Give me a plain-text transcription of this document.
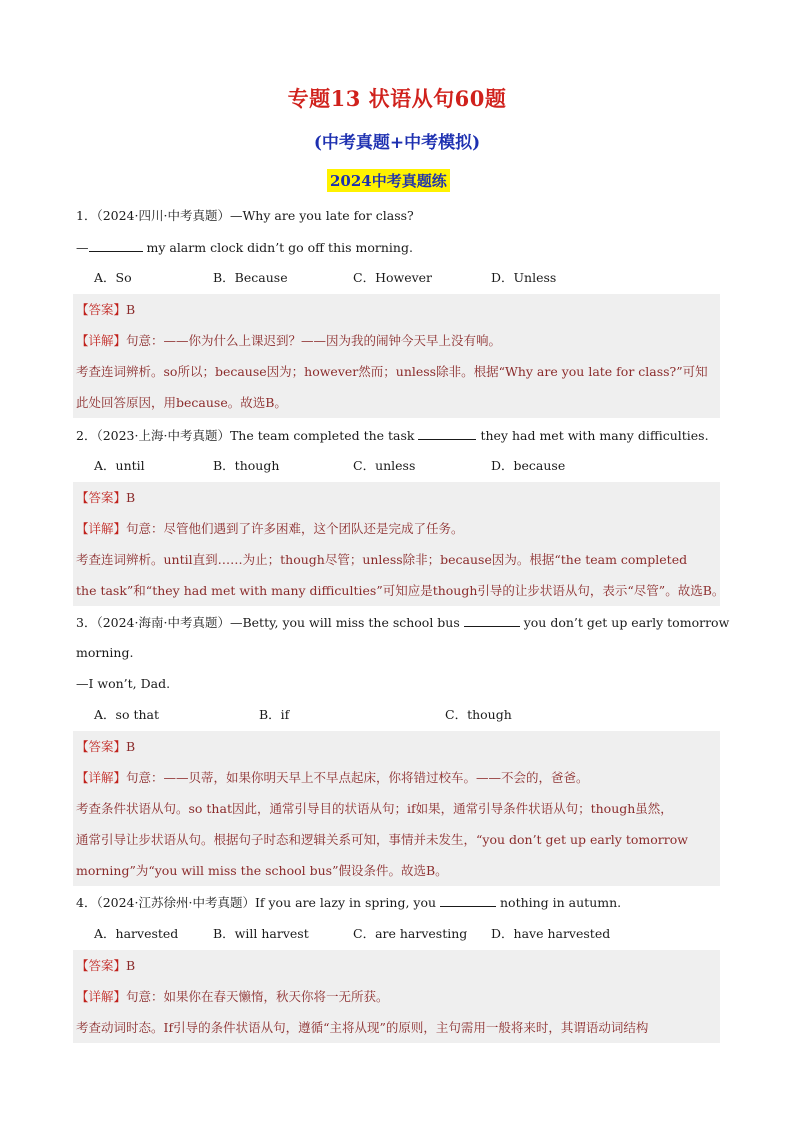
专题13 状语从句60题
(中考真题+中考模拟)
2024中考真题练
1．（2024·四川·中考真题）—Why are you late for class?
—	my alarm clock didn’t go off this morning.
A．So	B．Because	C．However	D．Unless
【答案】B
【详解】句意：——你为什么上课迟到？——因为我的闹钟今天早上没有响。
考查连词辨析。so所以；because因为；however然而；unless除非。根据“Why are you late for class?”可知
此处回答原因，用because。故选B。
2．（2023·上海·中考真题）The team completed the task	they had met with many difficulties.
A．until	B．though	C．unless	D．because
【答案】B
【详解】句意：尽管他们遇到了许多困难，这个团队还是完成了任务。
考查连词辨析。until直到……为止；though尽管；unless除非；because因为。根据“the team completed
the task”和“they had met with many difficulties”可知应是though引导的让步状语从句，表示“尽管”。故选B。
3．（2024·海南·中考真题）—Betty, you will miss the school bus	you don’t get up early tomorrow
morning.
—I won’t, Dad.
A．so that	B．if	C．though
【答案】B
【详解】句意：——贝蒂，如果你明天早上不早点起床，你将错过校车。——不会的，爸爸。
考查条件状语从句。so that因此，通常引导目的状语从句；if如果，通常引导条件状语从句；though虽然，
通常引导让步状语从句。根据句子时态和逻辑关系可知，事情并未发生，“you don’t get up early tomorrow
morning”为“you will miss the school bus”假设条件。故选B。
4．（2024·江苏徐州·中考真题）If you are lazy in spring, you	nothing in autumn.
A．harvested	B．will harvest	C．are harvesting D．have harvested
【答案】B
【详解】句意：如果你在春天懒惰，秋天你将一无所获。
考查动词时态。If引导的条件状语从句，遵循“主将从现”的原则，主句需用一般将来时，其谓语动词结构
